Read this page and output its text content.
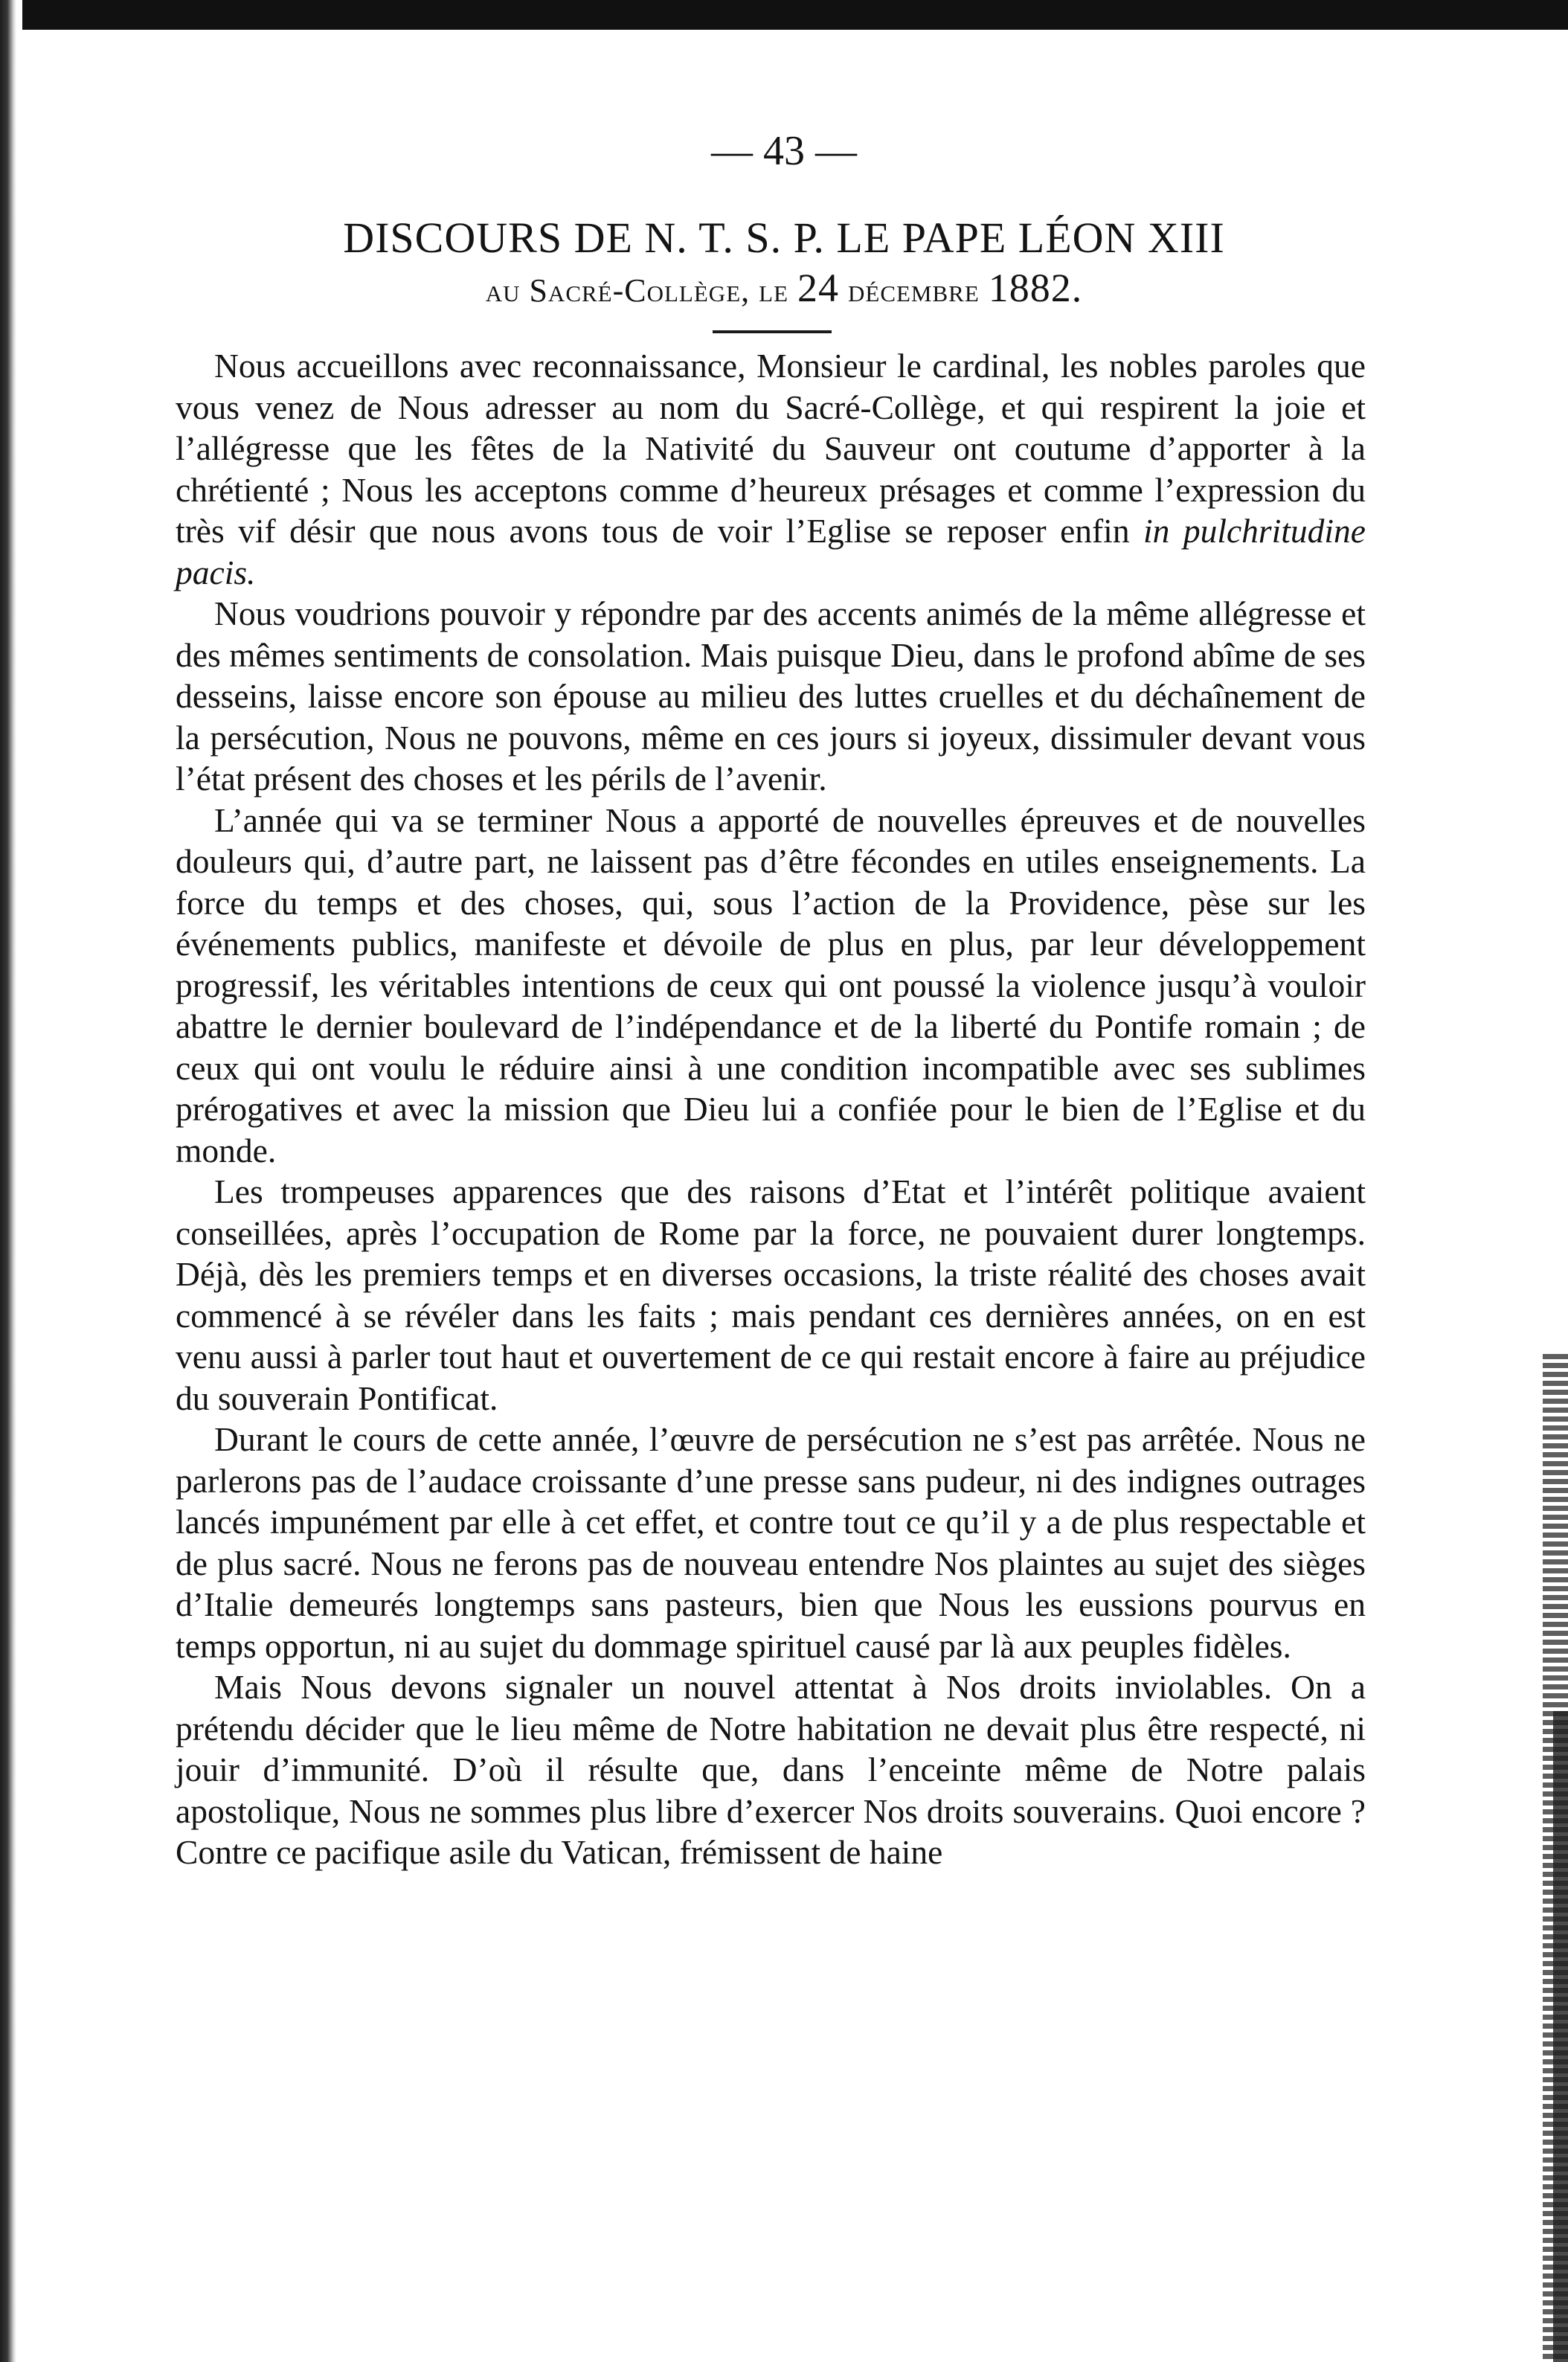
— 43 —
DISCOURS DE N. T. S. P. LE PAPE LÉON XIII
au Sacré-Collège, le 24 décembre 1882.

Nous accueillons avec reconnaissance, Monsieur le cardinal, les nobles paroles que vous venez de Nous adresser au nom du Sacré-Collège, et qui respirent la joie et l’allégresse que les fêtes de la Nativité du Sauveur ont coutume d’apporter à la chrétienté ; Nous les acceptons comme d’heureux présages et comme l’expression du très vif désir que nous avons tous de voir l’Eglise se reposer enfin in pulchritudine pacis.

Nous voudrions pouvoir y répondre par des accents animés de la même allégresse et des mêmes sentiments de consolation. Mais puisque Dieu, dans le profond abîme de ses desseins, laisse encore son épouse au milieu des luttes cruelles et du déchaînement de la persécution, Nous ne pouvons, même en ces jours si joyeux, dissimuler devant vous l’état présent des choses et les périls de l’avenir.

L’année qui va se terminer Nous a apporté de nouvelles épreuves et de nouvelles douleurs qui, d’autre part, ne laissent pas d’être fécondes en utiles enseignements. La force du temps et des choses, qui, sous l’action de la Providence, pèse sur les événements publics, manifeste et dévoile de plus en plus, par leur développement progressif, les véritables intentions de ceux qui ont poussé la violence jusqu’à vouloir abattre le dernier boulevard de l’indépendance et de la liberté du Pontife romain ; de ceux qui ont voulu le réduire ainsi à une condition incompatible avec ses sublimes prérogatives et avec la mission que Dieu lui a confiée pour le bien de l’Eglise et du monde.

Les trompeuses apparences que des raisons d’Etat et l’intérêt politique avaient conseillées, après l’occupation de Rome par la force, ne pouvaient durer longtemps. Déjà, dès les premiers temps et en diverses occasions, la triste réalité des choses avait commencé à se révéler dans les faits ; mais pendant ces dernières années, on en est venu aussi à parler tout haut et ouvertement de ce qui restait encore à faire au préjudice du souverain Pontificat.

Durant le cours de cette année, l’œuvre de persécution ne s’est pas arrêtée. Nous ne parlerons pas de l’audace croissante d’une presse sans pudeur, ni des indignes outrages lancés impunément par elle à cet effet, et contre tout ce qu’il y a de plus respectable et de plus sacré. Nous ne ferons pas de nouveau entendre Nos plaintes au sujet des sièges d’Italie demeurés longtemps sans pasteurs, bien que Nous les eussions pourvus en temps opportun, ni au sujet du dommage spirituel causé par là aux peuples fidèles.

Mais Nous devons signaler un nouvel attentat à Nos droits inviolables. On a prétendu décider que le lieu même de Notre habitation ne devait plus être respecté, ni jouir d’immunité. D’où il résulte que, dans l’enceinte même de Notre palais apostolique, Nous ne sommes plus libre d’exercer Nos droits souverains. Quoi encore ? Contre ce pacifique asile du Vatican, frémissent de haine
